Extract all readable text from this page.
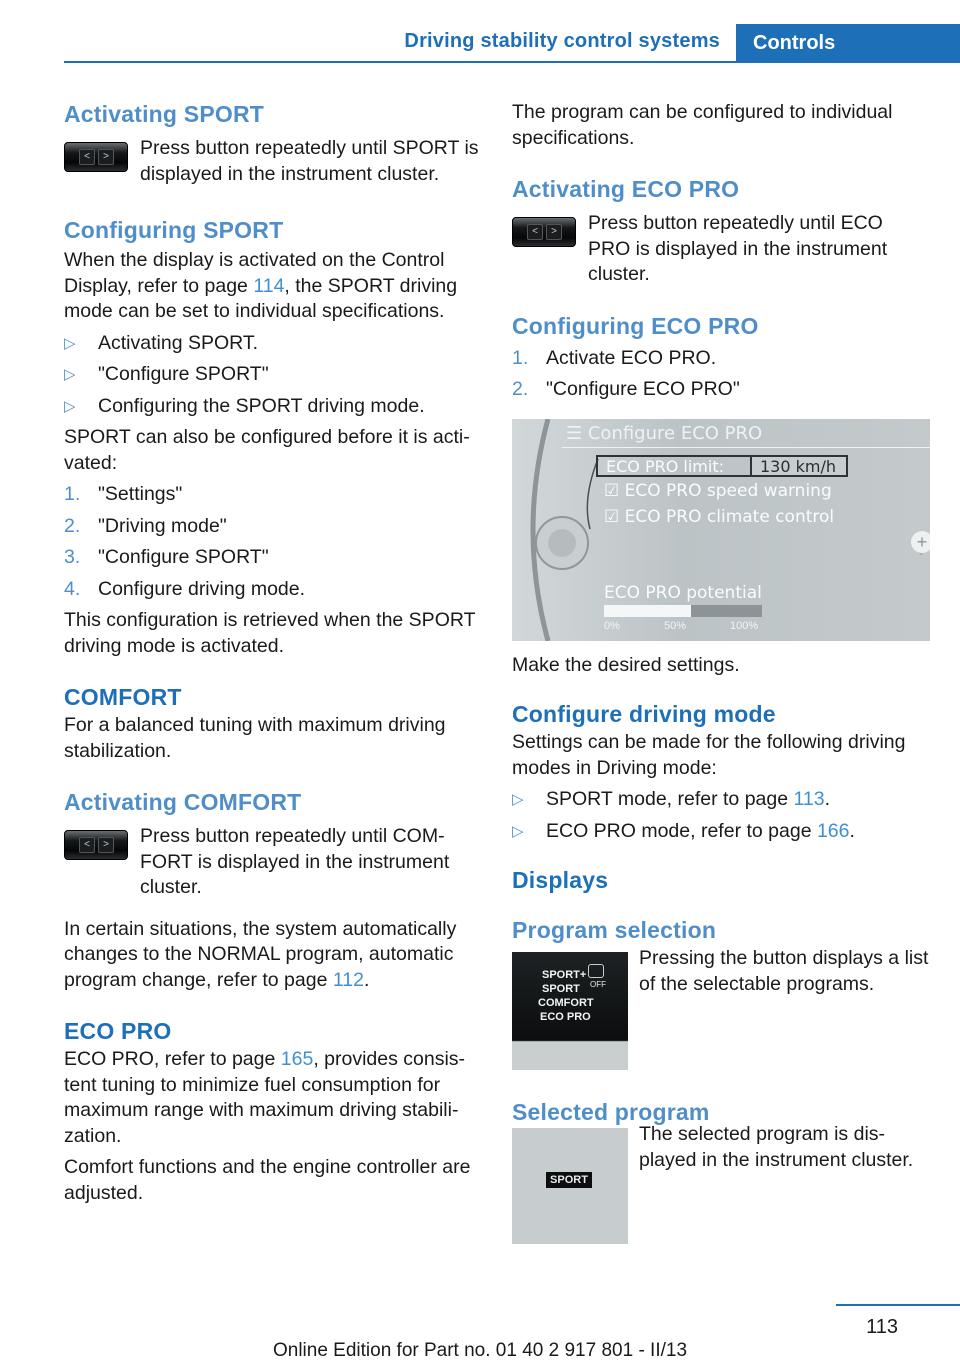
Driving stability control systems	Controls
Activating SPORT
<	> Press button repeatedly until SPORT is displayed in the instrument cluster.

Configuring SPORT

When the display is activated on the Control Display, refer to page 114, the SPORT driving mode can be set to individual specifications.

▷ Activating SPORT.
▷ "Configure SPORT"
▷ Configuring the SPORT driving mode.

SPORT can also be configured before it is activated:

1. "Settings"
2. "Driving mode"
3. "Configure SPORT"
4. Configure driving mode.

This configuration is retrieved when the SPORT driving mode is activated.

COMFORT

For a balanced tuning with maximum driving stabilization.

Activating COMFORT
<	> Press button repeatedly until COMFORT is displayed in the instrument cluster.

In certain situations, the system automatically changes to the NORMAL program, automatic program change, refer to page 112.

ECO PRO

ECO PRO, refer to page 165, provides consistent tuning to minimize fuel consumption for maximum range with maximum driving stabilization.

Comfort functions and the engine controller are adjusted.

The program can be configured to individual specifications.

Activating ECO PRO
<	> Press button repeatedly until ECO PRO is displayed in the instrument cluster.

Configuring ECO PRO
1. Activate ECO PRO.
2. "Configure ECO PRO"
+
☰ Configure ECO PRO
ECO PRO limit:	130 km/h
☑ ECO PRO speed warning
☑ ECO PRO climate control
ECO PRO potential
0%	50%	100%

Make the desired settings.

Configure driving mode

Settings can be made for the following driving modes in Driving mode:

▷ SPORT mode, refer to page 113.
▷ ECO PRO mode, refer to page 166.
Displays
Program selection
SPORT+
SPORT
COMFORT
ECO PRO
OFF

Pressing the button displays a list of the selectable programs.

Selected program
SPORT

The selected program is displayed in the instrument cluster.

113
Online Edition for Part no. 01 40 2 917 801 - II/13
